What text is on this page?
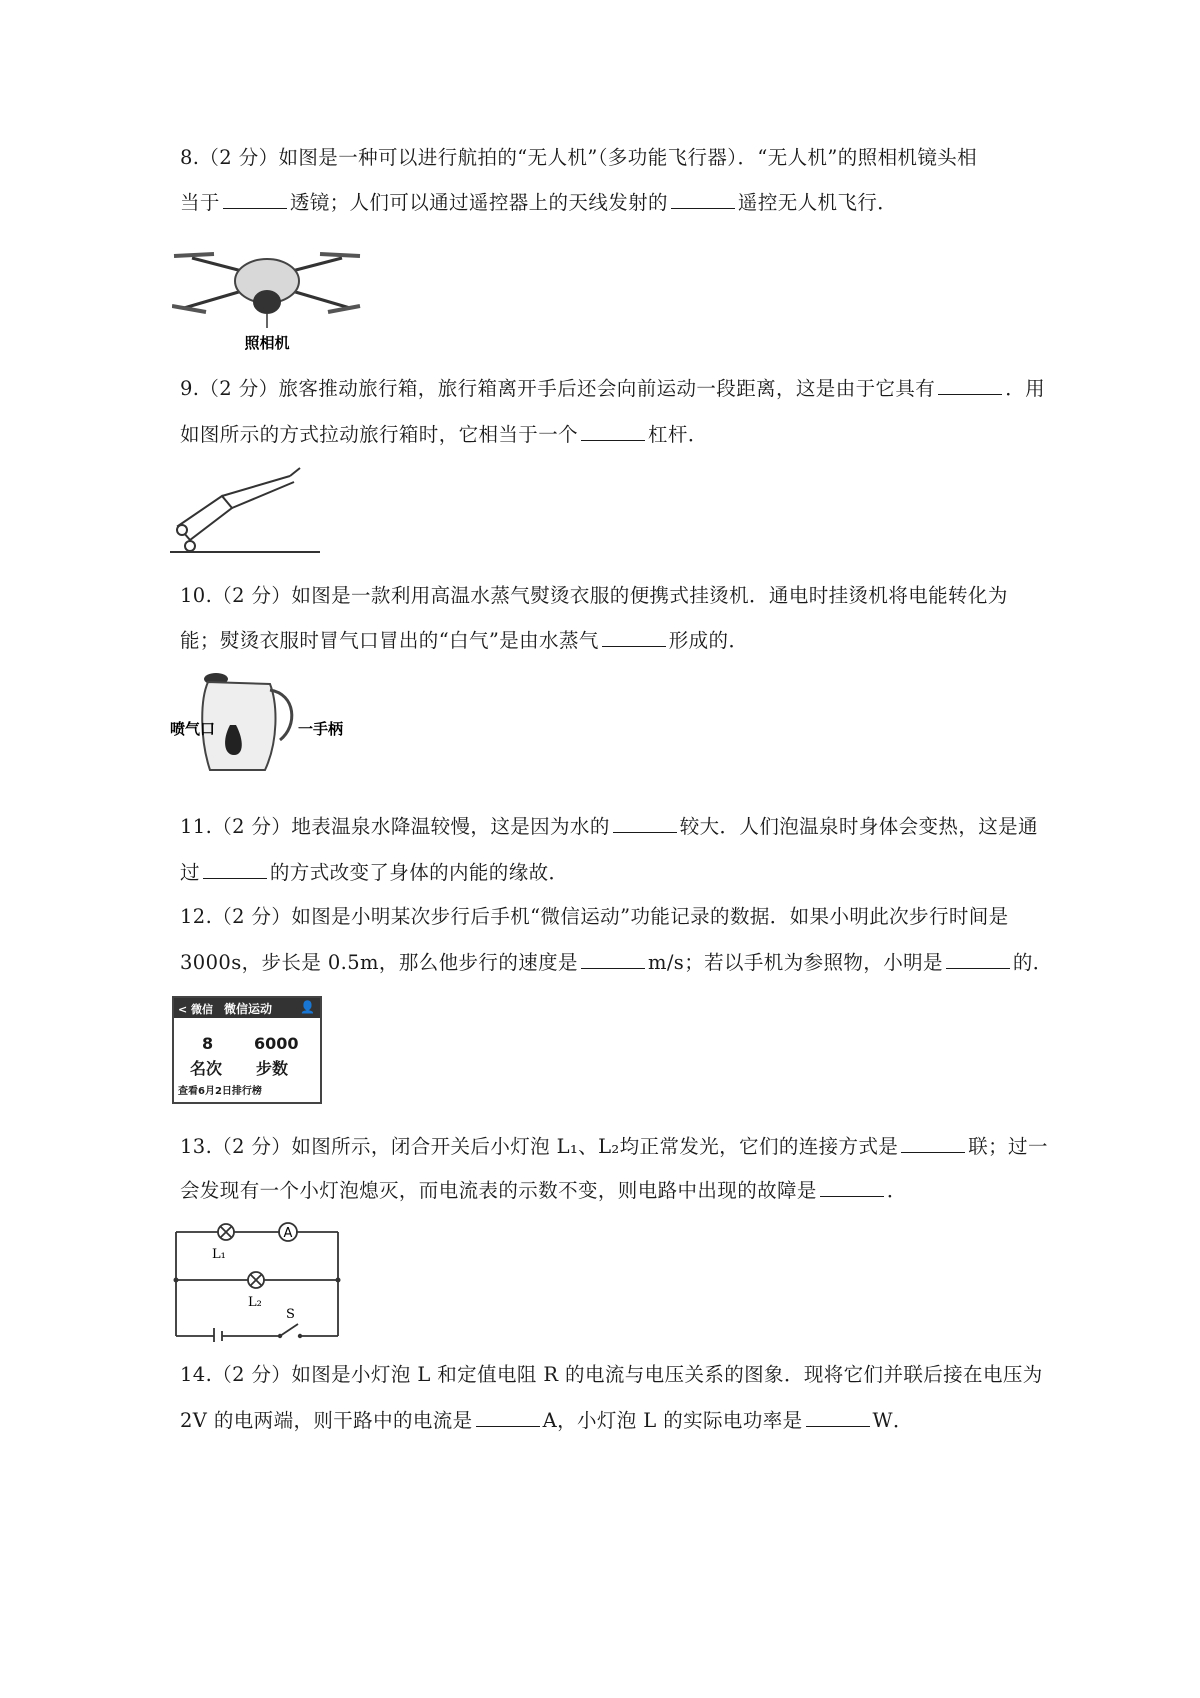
8.（2 分）如图是一种可以进行航拍的“无人机”（多功能飞行器）．“无人机”的照相机镜头相
当于	透镜；人们可以通过遥控器上的天线发射的	遥控无人机飞行．
照相机
9.（2 分）旅客推动旅行箱，旅行箱离开手后还会向前运动一段距离，这是由于它具有	．用
如图所示的方式拉动旅行箱时，它相当于一个	杠杆．
10.（2 分）如图是一款利用高温水蒸气熨烫衣服的便携式挂烫机．通电时挂烫机将电能转化为
能；熨烫衣服时冒气口冒出的“白气”是由水蒸气	形成的．
喷气口	一手柄
11.（2 分）地表温泉水降温较慢，这是因为水的	较大．人们泡温泉时身体会变热，这是通
过	的方式改变了身体的内能的缘故．
12.（2 分）如图是小明某次步行后手机“微信运动”功能记录的数据．如果小明此次步行时间是
3000s，步长是 0.5m，那么他步行的速度是	m/s；若以手机为参照物，小明是	的．
< 微信 微信运动 👤
8	6000
名次 步数
查看6月2日排行榜
13.（2 分）如图所示，闭合开关后小灯泡 L₁、L₂均正常发光，它们的连接方式是	联；过一
会发现有一个小灯泡熄灭，而电流表的示数不变，则电路中出现的故障是	．
A
L₁
L₂
S
14.（2 分）如图是小灯泡 L 和定值电阻 R 的电流与电压关系的图象．现将它们并联后接在电压为
2V 的电两端，则干路中的电流是	A，小灯泡 L 的实际电功率是	W．
